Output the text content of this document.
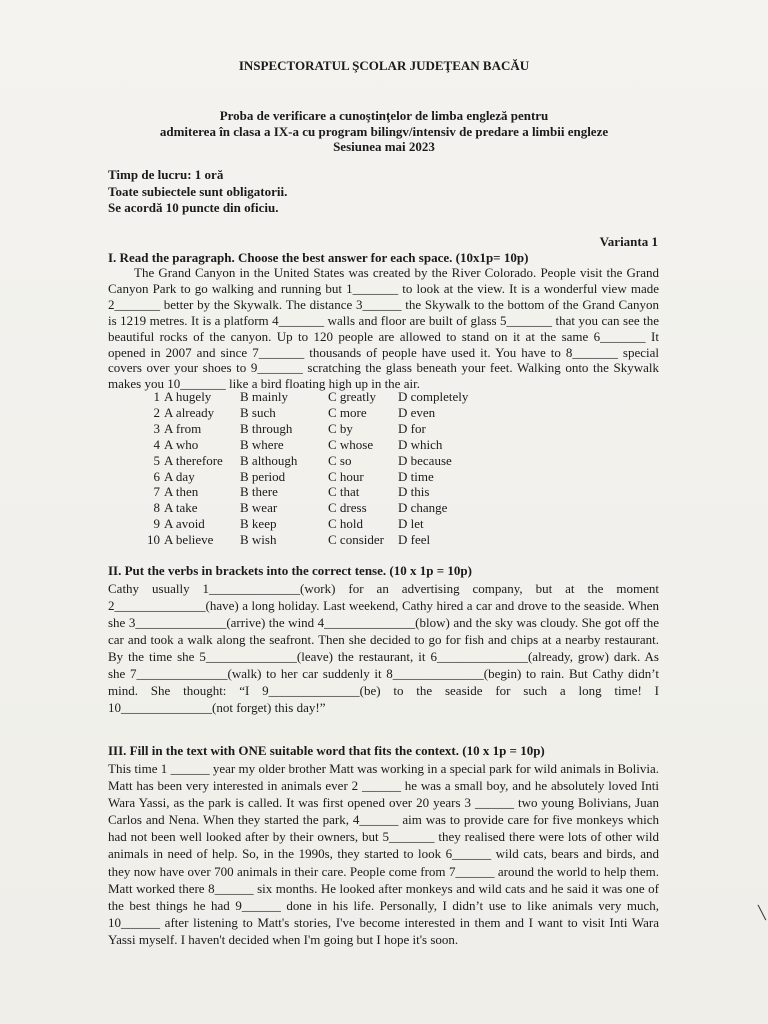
INSPECTORATUL ŞCOLAR JUDEŢEAN BACĂU
Proba de verificare a cunoştinţelor de limba engleză pentru
admiterea în clasa a IX-a cu program bilingv/intensiv de predare a limbii engleze
Sesiunea mai 2023
Timp de lucru: 1 oră
Toate subiectele sunt obligatorii.
Se acordă 10 puncte din oficiu.
Varianta 1
I. Read the paragraph. Choose the best answer for each space. (10x1p= 10p)

The Grand Canyon in the United States was created by the River Colorado. People visit the Grand Canyon Park to go walking and running but 1_______ to look at the view. It is a wonderful view made 2_______ better by the Skywalk. The distance 3______ the Skywalk to the bottom of the Grand Canyon is 1219 metres. It is a platform 4_______ walls and floor are built of glass 5_______ that you can see the beautiful rocks of the canyon. Up to 120 people are allowed to stand on it at the same 6_______ It opened in 2007 and since 7_______ thousands of people have used it. You have to 8_______ special covers over your shoes to 9_______ scratching the glass beneath your feet. Walking onto the Skywalk makes you 10_______ like a bird floating high up in the air.

1 A hugely	B mainly	C greatly	D completely
2 A already	B such	C more	D even
3 A from	B through	C by	D for
4 A who	B where	C whose	D which
5 A therefore	B although	C so	D because
6 A day	B period	C hour	D time
7 A then	B there	C that	D this
8 A take	B wear	C dress	D change
9 A avoid	B keep	C hold	D let
10 A believe	B wish	C consider	D feel
II. Put the verbs in brackets into the correct tense. (10 x 1p = 10p)

Cathy usually 1______________(work) for an advertising company, but at the moment 2______________(have) a long holiday. Last weekend, Cathy hired a car and drove to the seaside. When she 3______________(arrive) the wind 4______________(blow) and the sky was cloudy. She got off the car and took a walk along the seafront. Then she decided to go for fish and chips at a nearby restaurant. By the time she 5______________(leave) the restaurant, it 6______________(already, grow) dark. As she 7______________(walk) to her car suddenly it 8______________(begin) to rain. But Cathy didn’t mind. She thought: “I 9______________(be) to the seaside for such a long time! I 10______________(not forget) this day!”

III. Fill in the text with ONE suitable word that fits the context. (10 x 1p = 10p)

This time 1 ______ year my older brother Matt was working in a special park for wild animals in Bolivia. Matt has been very interested in animals ever 2 ______ he was a small boy, and he absolutely loved Inti Wara Yassi, as the park is called. It was first opened over 20 years 3 ______ two young Bolivians, Juan Carlos and Nena. When they started the park, 4______ aim was to provide care for five monkeys which had not been well looked after by their owners, but 5_______ they realised there were lots of other wild animals in need of help. So, in the 1990s, they started to look 6______ wild cats, bears and birds, and they now have over 700 animals in their care. People come from 7______ around the world to help them. Matt worked there 8______ six months. He looked after monkeys and wild cats and he said it was one of the best things he had 9______ done in his life. Personally, I didn’t use to like animals very much, 10______ after listening to Matt's stories, I've become interested in them and I want to visit Inti Wara Yassi myself. I haven't decided when I'm going but I hope it's soon.

╲
